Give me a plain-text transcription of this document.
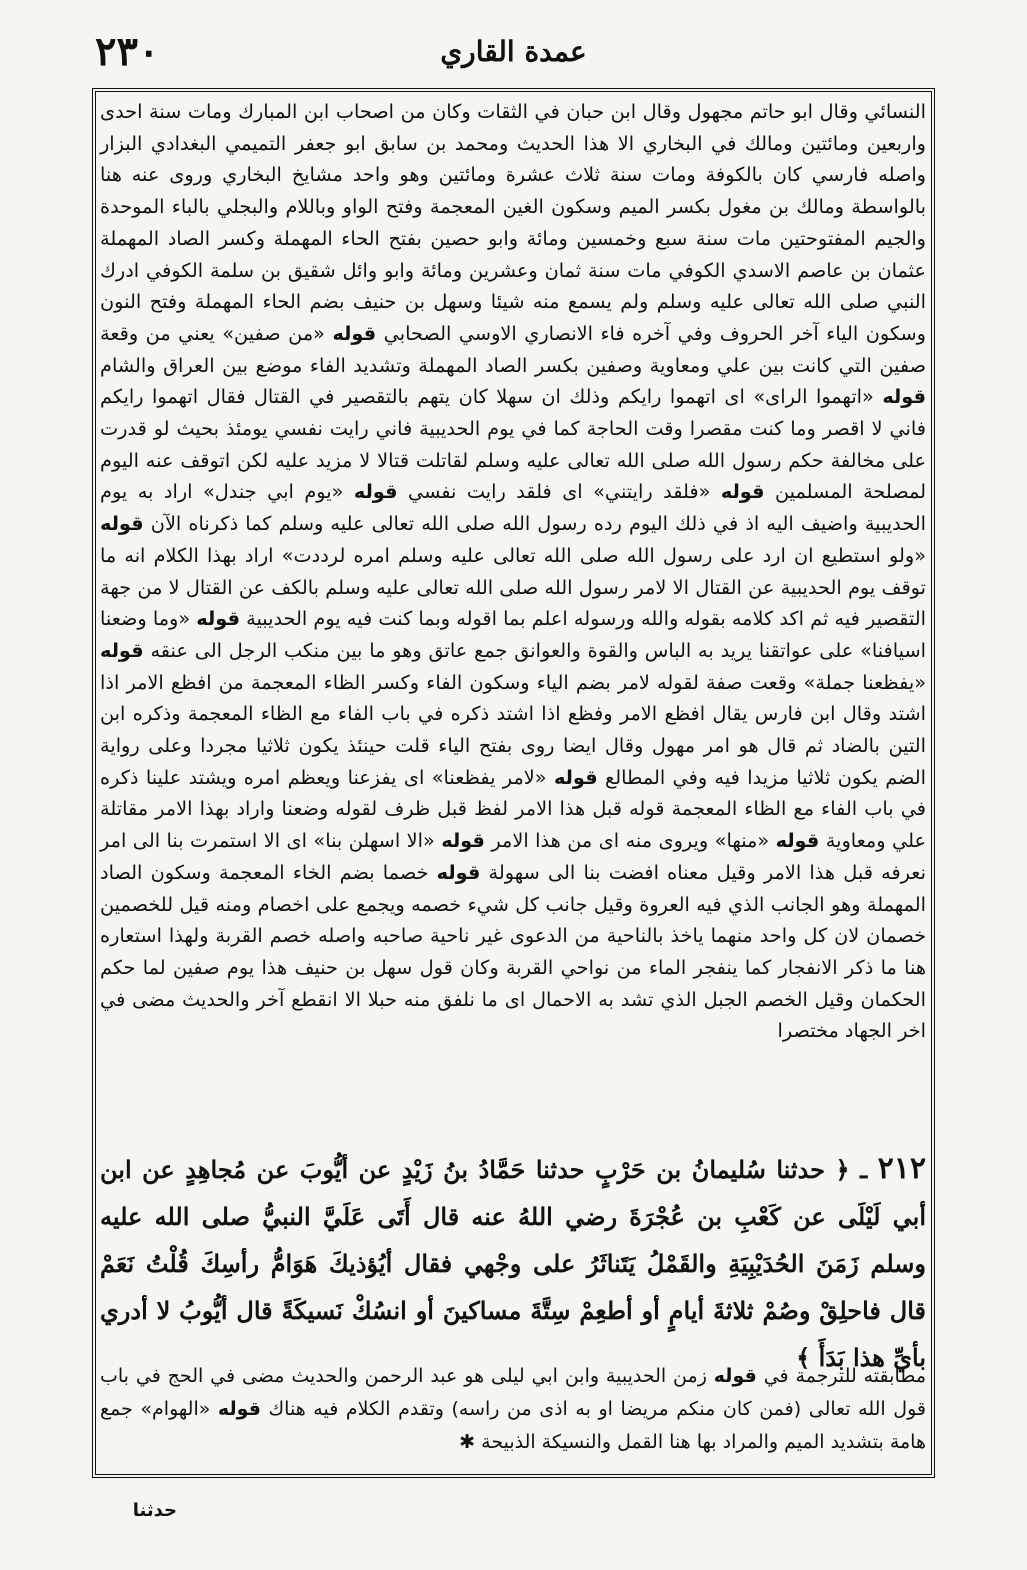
٢٣٠	عمدة القاري

النسائي وقال ابو حاتم مجهول وقال ابن حبان في الثقات وكان من اصحاب ابن المبارك ومات سنة احدى واربعين ومائتين ومالك في البخاري الا هذا الحديث ومحمد بن سابق ابو جعفر التميمي البغدادي البزار واصله فارسي كان بالكوفة ومات سنة ثلاث عشرة ومائتين وهو واحد مشايخ البخاري وروى عنه هنا بالواسطة ومالك بن مغول بكسر الميم وسكون الغين المعجمة وفتح الواو وباللام والبجلي بالباء الموحدة والجيم المفتوحتين مات سنة سبع وخمسين ومائة وابو حصين بفتح الحاء المهملة وكسر الصاد المهملة عثمان بن عاصم الاسدي الكوفي مات سنة ثمان وعشرين ومائة وابو وائل شقيق بن سلمة الكوفي ادرك النبي صلى الله تعالى عليه وسلم ولم يسمع منه شيئا وسهل بن حنيف بضم الحاء المهملة وفتح النون وسكون الياء آخر الحروف وفي آخره فاء الانصاري الاوسي الصحابي قوله «من صفين» يعني من وقعة صفين التي كانت بين علي ومعاوية وصفين بكسر الصاد المهملة وتشديد الفاء موضع بين العراق والشام قوله «اتهموا الراى» اى اتهموا رايكم وذلك ان سهلا كان يتهم بالتقصير في القتال فقال اتهموا رايكم فاني لا اقصر وما كنت مقصرا وقت الحاجة كما في يوم الحديبية فاني رايت نفسي يومئذ بحيث لو قدرت على مخالفة حكم رسول الله صلى الله تعالى عليه وسلم لقاتلت قتالا لا مزيد عليه لكن اتوقف عنه اليوم لمصلحة المسلمين قوله «فلقد رايتني» اى فلقد رايت نفسي قوله «يوم ابي جندل» اراد به يوم الحديبية واضيف اليه اذ في ذلك اليوم رده رسول الله صلى الله تعالى عليه وسلم كما ذكرناه الآن قوله «ولو استطيع ان ارد على رسول الله صلى الله تعالى عليه وسلم امره لرددت» اراد بهذا الكلام انه ما توقف يوم الحديبية عن القتال الا لامر رسول الله صلى الله تعالى عليه وسلم بالكف عن القتال لا من جهة التقصير فيه ثم اكد كلامه بقوله والله ورسوله اعلم بما اقوله وبما كنت فيه يوم الحديبية قوله «وما وضعنا اسيافنا» على عواتقنا يريد به الباس والقوة والعوانق جمع عاتق وهو ما بين منكب الرجل الى عنقه قوله «يفظعنا جملة» وقعت صفة لقوله لامر بضم الياء وسكون الفاء وكسر الظاء المعجمة من افظع الامر اذا اشتد وقال ابن فارس يقال افظع الامر وفظع اذا اشتد ذكره في باب الفاء مع الظاء المعجمة وذكره ابن التين بالضاد ثم قال هو امر مهول وقال ايضا روى بفتح الياء قلت حينئذ يكون ثلاثيا مجردا وعلى رواية الضم يكون ثلاثيا مزيدا فيه وفي المطالع قوله «لامر يفظعنا» اى يفزعنا ويعظم امره ويشتد علينا ذكره في باب الفاء مع الظاء المعجمة قوله قبل هذا الامر لفظ قبل ظرف لقوله وضعنا واراد بهذا الامر مقاتلة علي ومعاوية قوله «منها» ويروى منه اى من هذا الامر قوله «الا اسهلن بنا» اى الا استمرت بنا الى امر نعرفه قبل هذا الامر وقيل معناه افضت بنا الى سهولة قوله خصما بضم الخاء المعجمة وسكون الصاد المهملة وهو الجانب الذي فيه العروة وقيل جانب كل شيء خصمه ويجمع على اخصام ومنه قيل للخصمين خصمان لان كل واحد منهما ياخذ بالناحية من الدعوى غير ناحية صاحبه واصله خصم القربة ولهذا استعاره هنا ما ذكر الانفجار كما ينفجر الماء من نواحي القربة وكان قول سهل بن حنيف هذا يوم صفين لما حكم الحكمان وقيل الخصم الجبل الذي تشد به الاحمال اى ما نلفق منه حبلا الا انقطع آخر والحديث مضى في اخر الجهاد مختصرا

٢١٢ ـ ﴿ حدثنا سُليمانُ بن حَرْبٍ حدثنا حَمَّادُ بنُ زَيْدٍ عن أيُّوبَ عن مُجاهِدٍ عن ابن أبي لَيْلَى عن كَعْبِ بن عُجْرَةَ رضي اللهُ عنه قال أَتَى عَلَيَّ النبيُّ صلى الله عليه وسلم زَمَنَ الحُدَيْبِيَةِ والقَمْلُ يَتَناثَرُ على وجْهي فقال أيُؤذيكَ هَوَامُّ رأسِكَ قُلْتُ نَعَمْ قال فاحلِقْ وصُمْ ثلاثةَ أيامٍ أو أطعِمْ سِتَّةَ مساكينَ أو انسُكْ نَسيكَةً قال أيُّوبُ لا أدري بأيِّ هذا بَدَأَ ﴾

مطابقته للترجمة في قوله زمن الحديبية وابن ابي ليلى هو عبد الرحمن والحديث مضى في الحج في باب قول الله تعالى (فمن كان منكم مريضا او به اذى من راسه) وتقدم الكلام فيه هناك قوله «الهوام» جمع هامة بتشديد الميم والمراد بها هنا القمل والنسيكة الذبيحة ✱

حدثنا
